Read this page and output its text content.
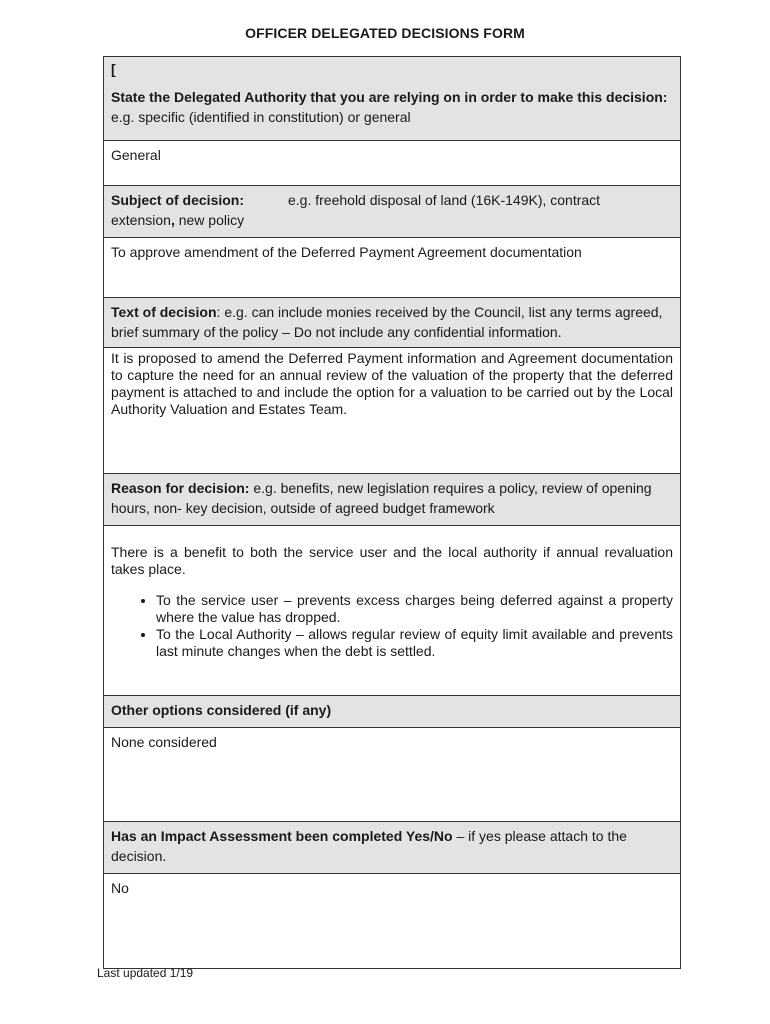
OFFICER DELEGATED DECISIONS FORM
[
State the Delegated Authority that you are relying on in order to make this decision: e.g. specific (identified in constitution) or general
General
Subject of decision:	e.g. freehold disposal of land (16K-149K), contract
extension, new policy
To approve amendment of the Deferred Payment Agreement documentation
Text of decision: e.g. can include monies received by the Council, list any terms agreed, brief summary of the policy – Do not include any confidential information.
It is proposed to amend the Deferred Payment information and Agreement documentation to capture the need for an annual review of the valuation of the property that the deferred payment is attached to and include the option for a valuation to be carried out by the Local Authority Valuation and Estates Team.
Reason for decision: e.g. benefits, new legislation requires a policy, review of opening hours, non- key decision, outside of agreed budget framework
There is a benefit to both the service user and the local authority if annual revaluation takes place.
• To the service user – prevents excess charges being deferred against a property where the value has dropped.
• To the Local Authority – allows regular review of equity limit available and prevents last minute changes when the debt is settled.
Other options considered (if any)
None considered
Has an Impact Assessment been completed Yes/No – if yes please attach to the decision.
No
Last updated 1/19
